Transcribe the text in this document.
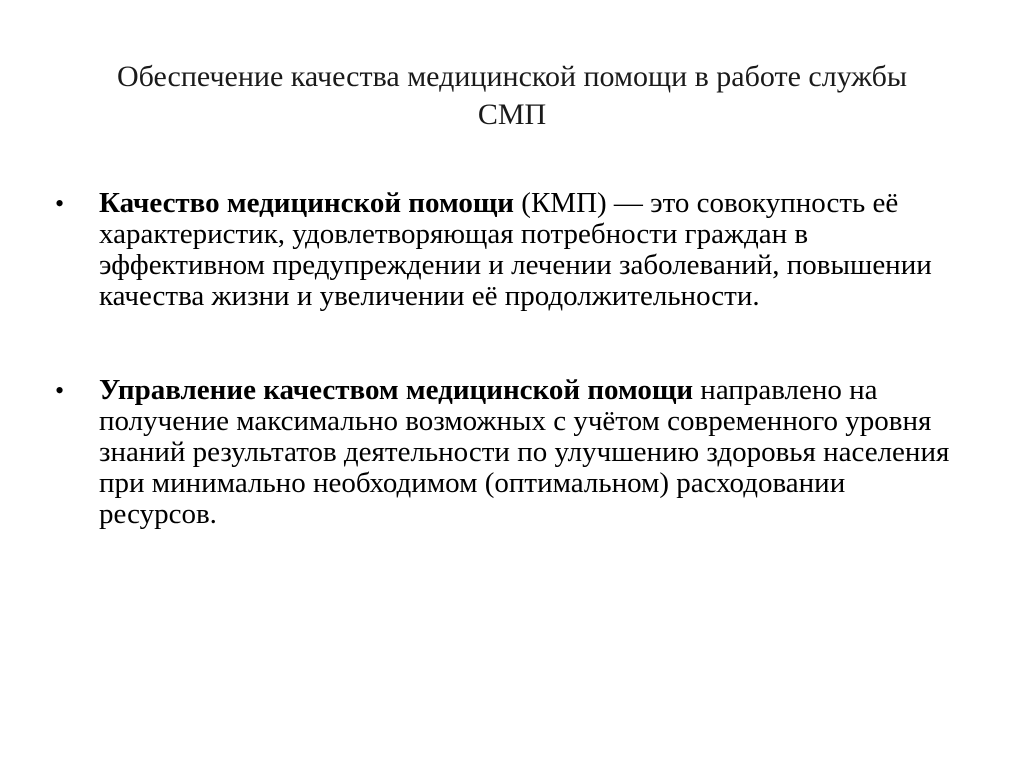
Обеспечение качества медицинской помощи в работе службы СМП
•	Качество медицинской помощи (КМП) — это совокупность её характеристик, удовлетворяющая потребности граждан в эффективном предупреждении и лечении заболеваний, повышении качества жизни и увеличении её продолжительности.
•	Управление качеством медицинской помощи направлено на получение максимально возможных с учётом современного уровня знаний результатов деятельности по улучшению здоровья населения при минимально необходимом (оптимальном) расходовании ресурсов.
